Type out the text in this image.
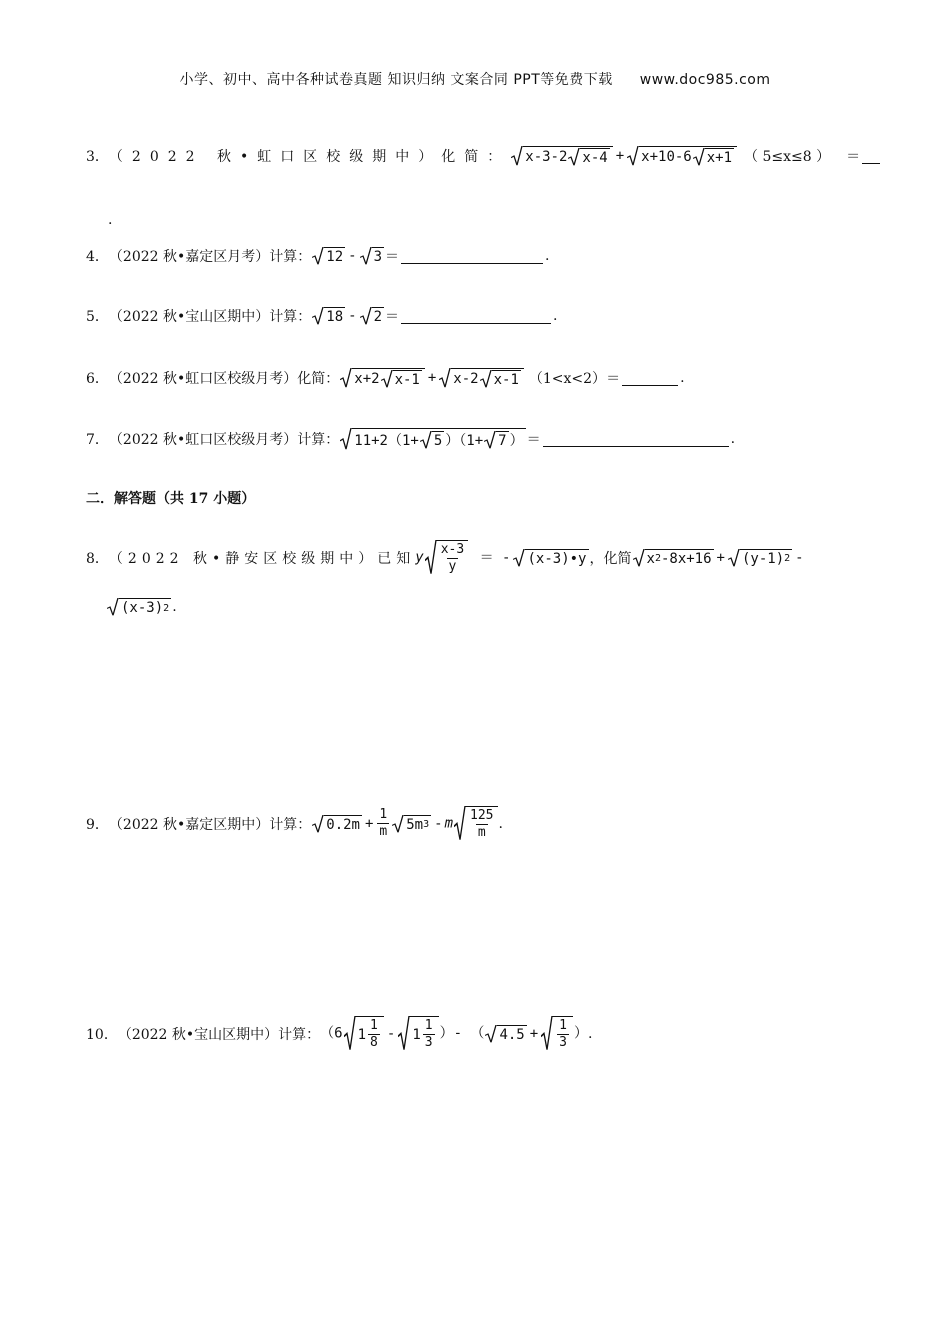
小学、初中、高中各种试卷真题 知识归纳 文案合同 PPT等免费下载 www.doc985.com
3． （2022 秋•虹口区校级期中）化简： x-3-2 x-4 + x+10-6 x+1 （ 5≤x≤8 ） ＝
.
4． （2022 秋•嘉定区月考）计算： 12 - 3 ＝	.
5． （2022 秋•宝山区期中）计算： 18 - 2 ＝	.
6． （2022 秋•虹口区校级月考）化简： x+2 x-1 + x-2 x-1 （1<x<2） ＝	.
7． （2022 秋•虹口区校级月考）计算： 11+2（1+ 5 ）（1+ 7 ） ＝	.
二．解答题（共 17 小题）
8． （2022 秋•静安区校级期中）已知 y $\frac{x-3}{y}$ ＝ - (x-3)•y ，化简 x 2 -8x+16 + (y-1) 2 -
(x-3) 2 .
9． （2022 秋•嘉定区期中）计算： $0.2m + \frac{1}{m} 5m$ 3 - m $\frac{125}{m}$ .
10． （2022 秋•宝山区期中）计算： （6 $1 \frac{1}{8} - 1 \frac{1}{3}$ ）- （ $4.5 + \frac{1}{3}$ ） .
